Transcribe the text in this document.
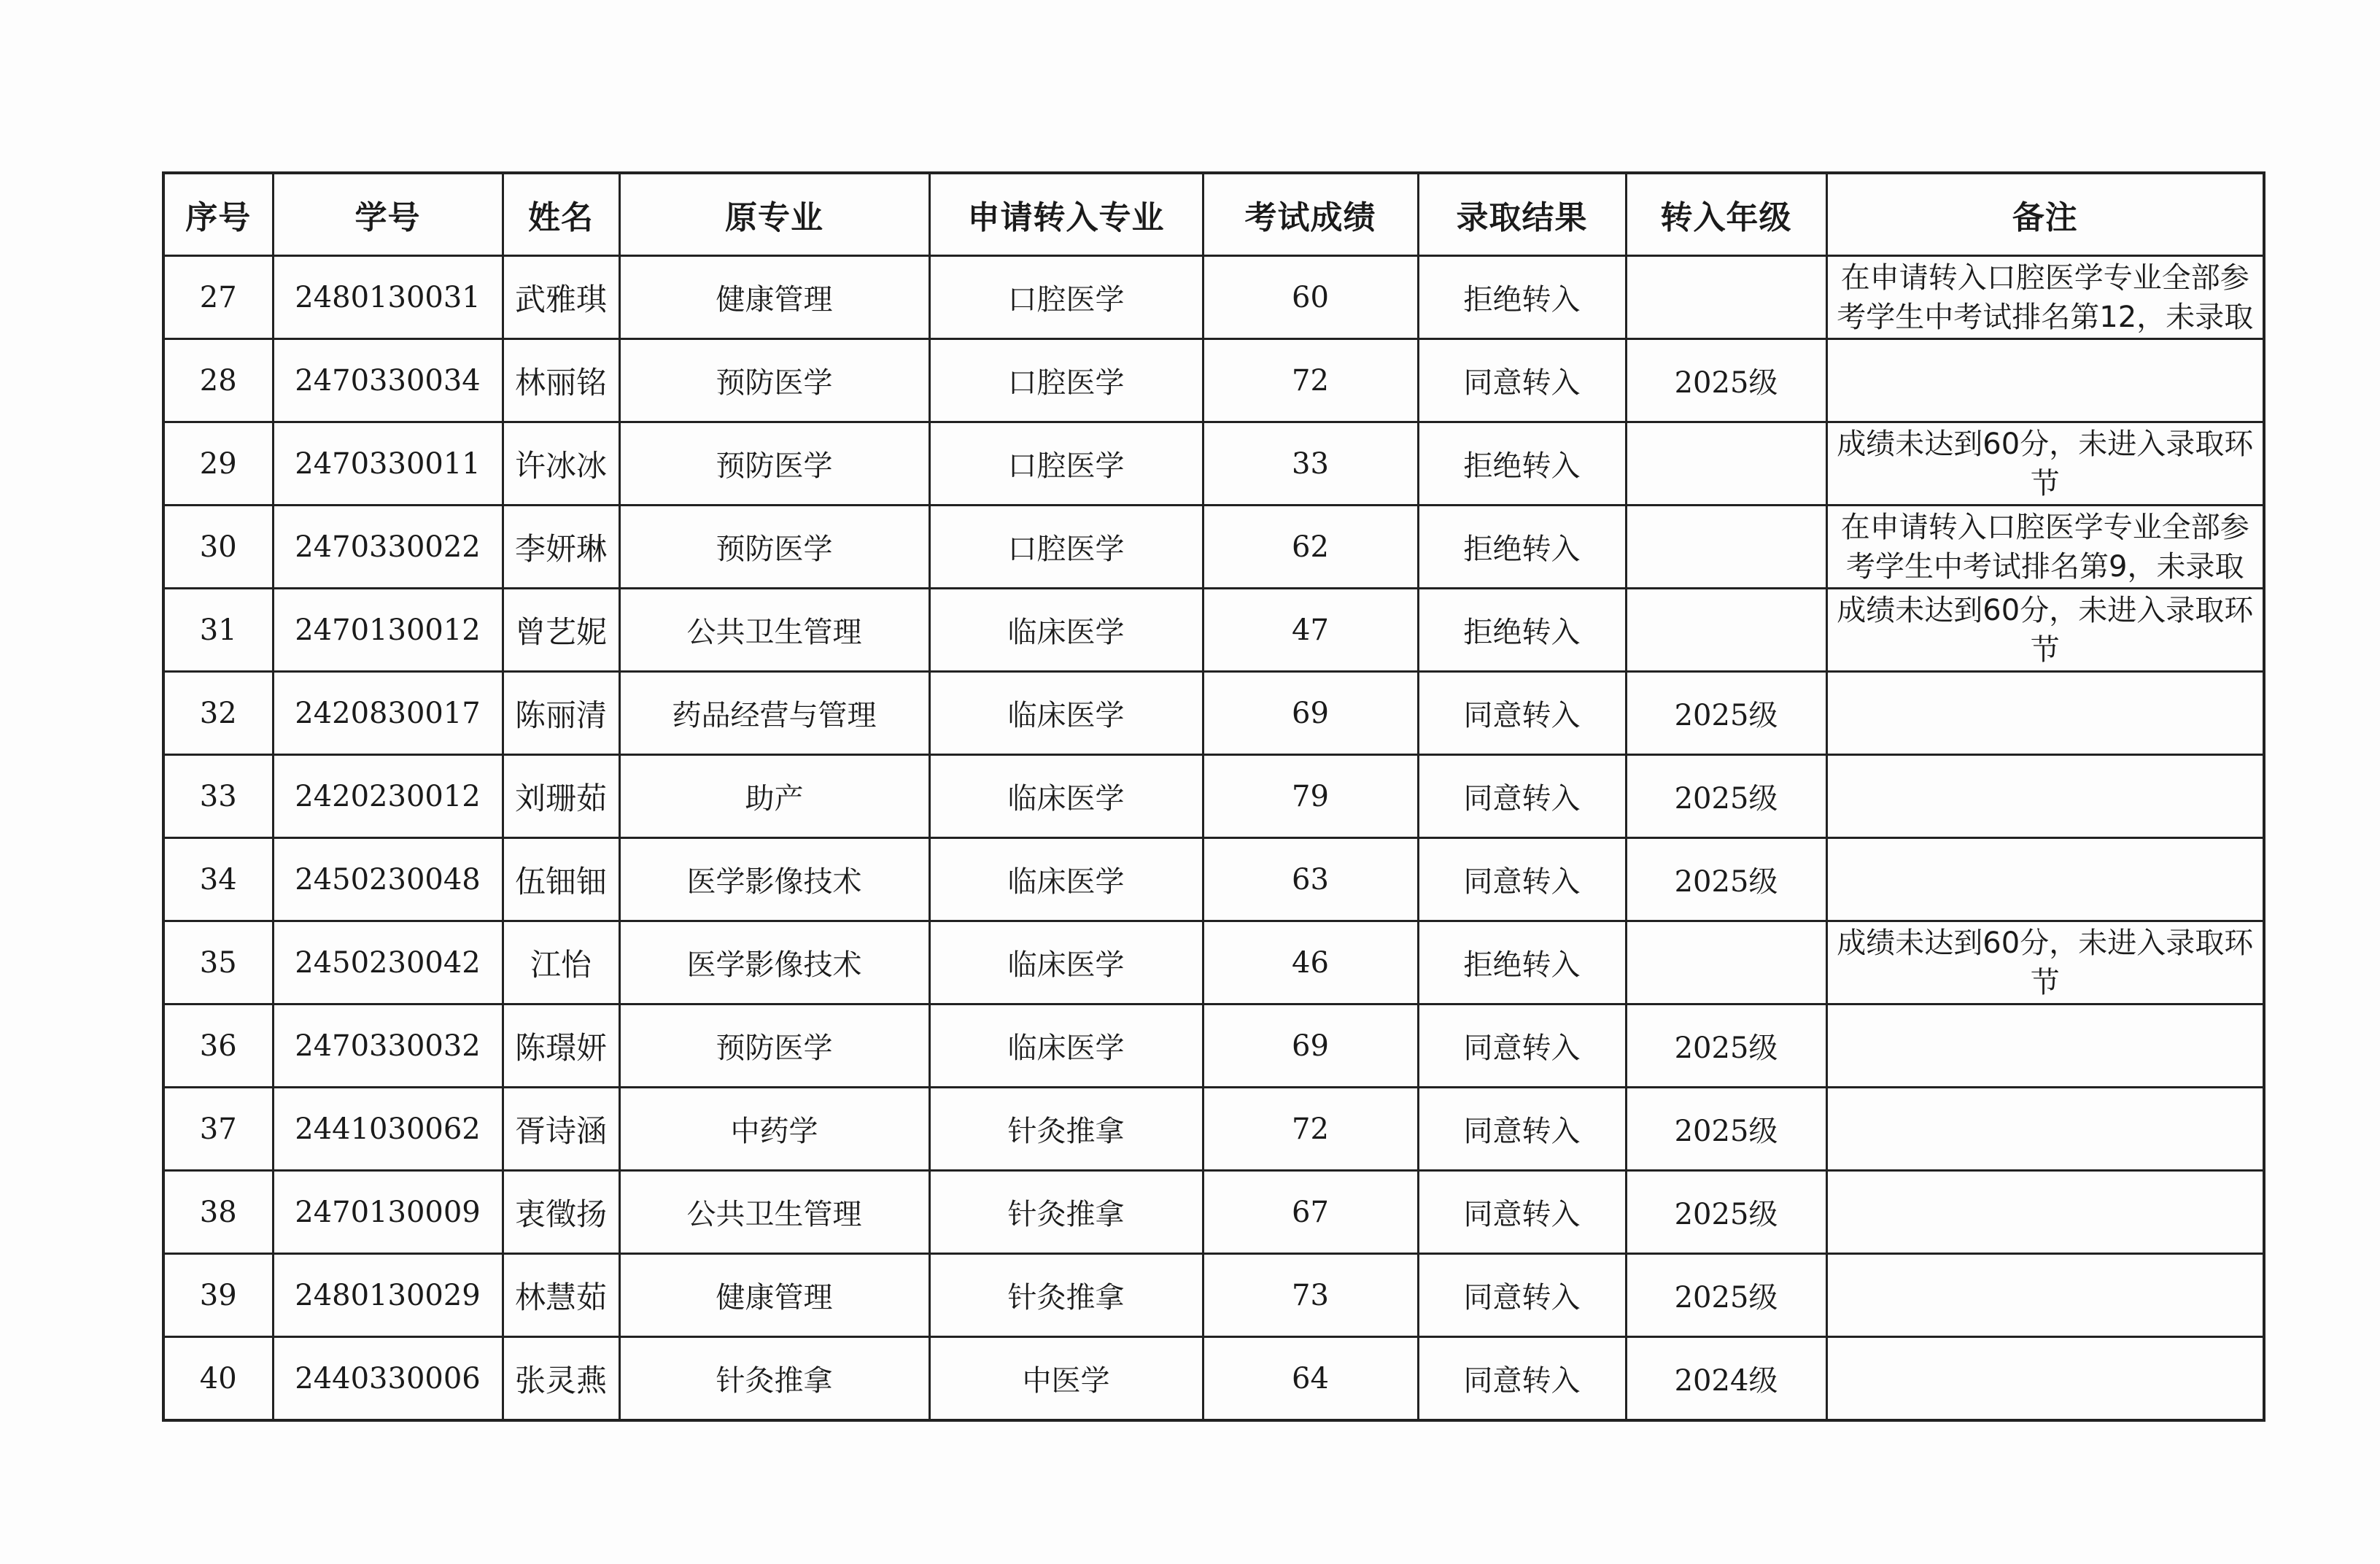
序号	学号	姓名	原专业	申请转入专业	考试成绩	录取结果	转入年级	备注
27	2480130031	武雅琪	健康管理	口腔医学	60	拒绝转入		在申请转入口腔医学专业全部参考学生中考试排名第12，未录取
28	2470330034	林丽铭	预防医学	口腔医学	72	同意转入	2025级	
29	2470330011	许冰冰	预防医学	口腔医学	33	拒绝转入		成绩未达到60分，未进入录取环节
30	2470330022	李妍琳	预防医学	口腔医学	62	拒绝转入		在申请转入口腔医学专业全部参考学生中考试排名第9，未录取
31	2470130012	曾艺妮	公共卫生管理	临床医学	47	拒绝转入		成绩未达到60分，未进入录取环节
32	2420830017	陈丽清	药品经营与管理	临床医学	69	同意转入	2025级	
33	2420230012	刘珊茹	助产	临床医学	79	同意转入	2025级	
34	2450230048	伍钿钿	医学影像技术	临床医学	63	同意转入	2025级	
35	2450230042	江怡	医学影像技术	临床医学	46	拒绝转入		成绩未达到60分，未进入录取环节
36	2470330032	陈璟妍	预防医学	临床医学	69	同意转入	2025级	
37	2441030062	胥诗涵	中药学	针灸推拿	72	同意转入	2025级	
38	2470130009	衷徵扬	公共卫生管理	针灸推拿	67	同意转入	2025级	
39	2480130029	林慧茹	健康管理	针灸推拿	73	同意转入	2025级	
40	2440330006	张灵燕	针灸推拿	中医学	64	同意转入	2024级	
